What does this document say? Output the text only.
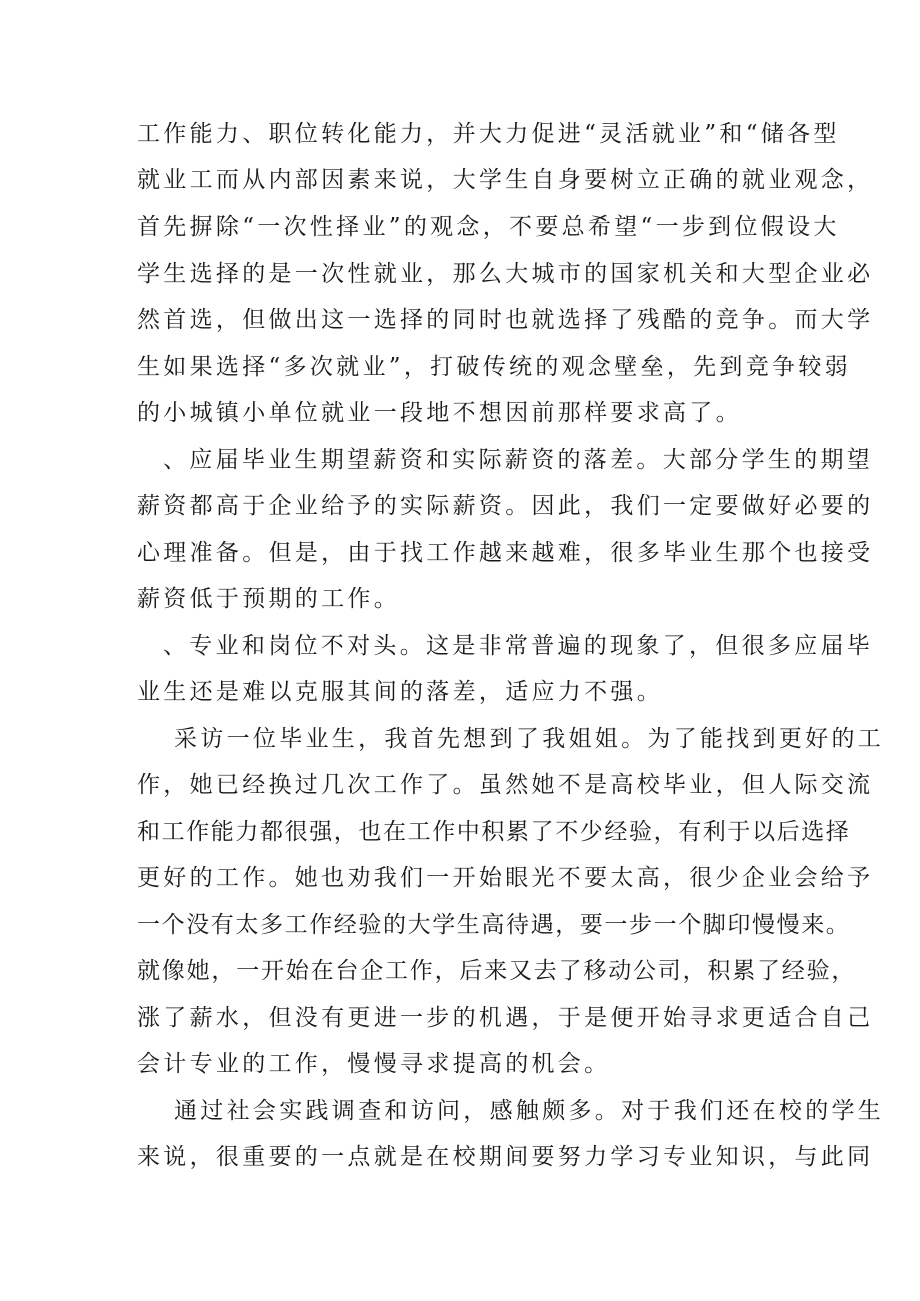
工作能力、职位转化能力，并大力促进“灵活就业”和“储各型
就业工而从内部因素来说，大学生自身要树立正确的就业观念，
首先摒除“一次性择业”的观念，不要总希望“一步到位假设大
学生选择的是一次性就业，那么大城市的国家机关和大型企业必
然首选，但做出这一选择的同时也就选择了残酷的竞争。而大学
生如果选择“多次就业”，打破传统的观念壁垒，先到竞争较弱
的小城镇小单位就业一段地不想因前那样要求高了。
、应届毕业生期望薪资和实际薪资的落差。大部分学生的期望
薪资都高于企业给予的实际薪资。因此，我们一定要做好必要的
心理准备。但是，由于找工作越来越难，很多毕业生那个也接受
薪资低于预期的工作。
、专业和岗位不对头。这是非常普遍的现象了，但很多应届毕
业生还是难以克服其间的落差，适应力不强。
采访一位毕业生，我首先想到了我姐姐。为了能找到更好的工
作，她已经换过几次工作了。虽然她不是高校毕业，但人际交流
和工作能力都很强，也在工作中积累了不少经验，有利于以后选择
更好的工作。她也劝我们一开始眼光不要太高，很少企业会给予
一个没有太多工作经验的大学生高待遇，要一步一个脚印慢慢来。
就像她，一开始在台企工作，后来又去了移动公司，积累了经验，
涨了薪水，但没有更进一步的机遇，于是便开始寻求更适合自己
会计专业的工作，慢慢寻求提高的机会。
通过社会实践调查和访问，感触颇多。对于我们还在校的学生
来说，很重要的一点就是在校期间要努力学习专业知识，与此同
